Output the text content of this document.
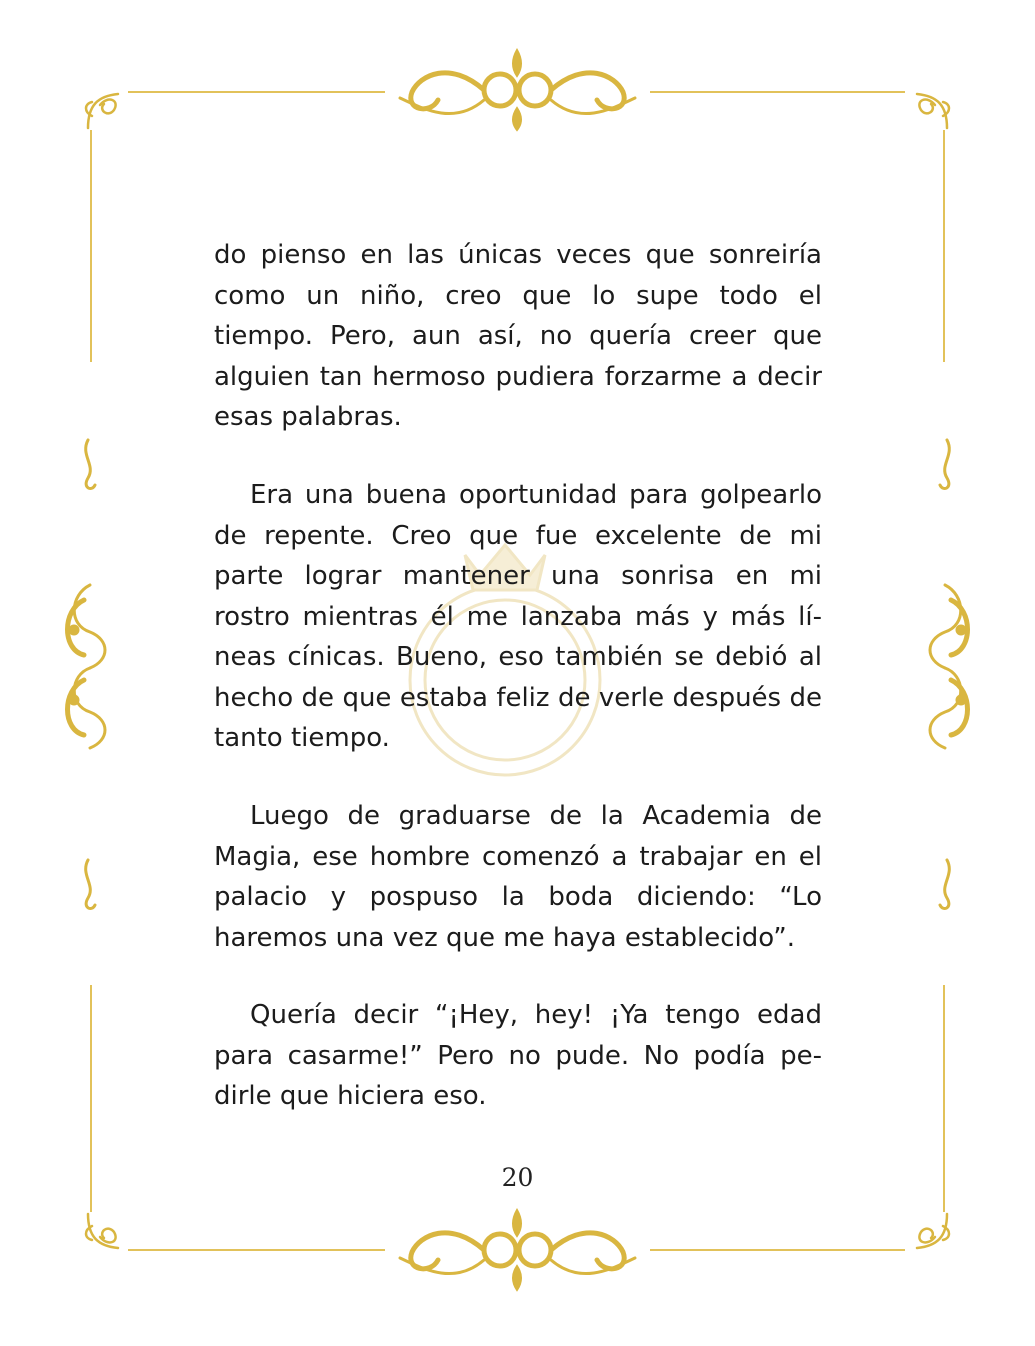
do pienso en las únicas veces que sonreiría como un niño, creo que lo supe todo el tiempo. Pero, aun así, no quería creer que alguien tan hermoso pudiera forzarme a decir esas palabras.

Era una buena oportunidad para golpearlo de repente. Creo que fue excelente de mi parte lograr mantener una sonrisa en mi rostro mientras él me lanzaba más y más líneas cínicas. Bueno, eso también se debió al hecho de que estaba feliz de verle después de tanto tiempo.

Luego de graduarse de la Academia de Magia, ese hombre comenzó a trabajar en el palacio y pospuso la boda diciendo: “Lo haremos una vez que me haya establecido”.

Quería decir “¡Hey, hey! ¡Ya tengo edad para casarme!” Pero no pude. No podía pedirle que hiciera eso.

20
